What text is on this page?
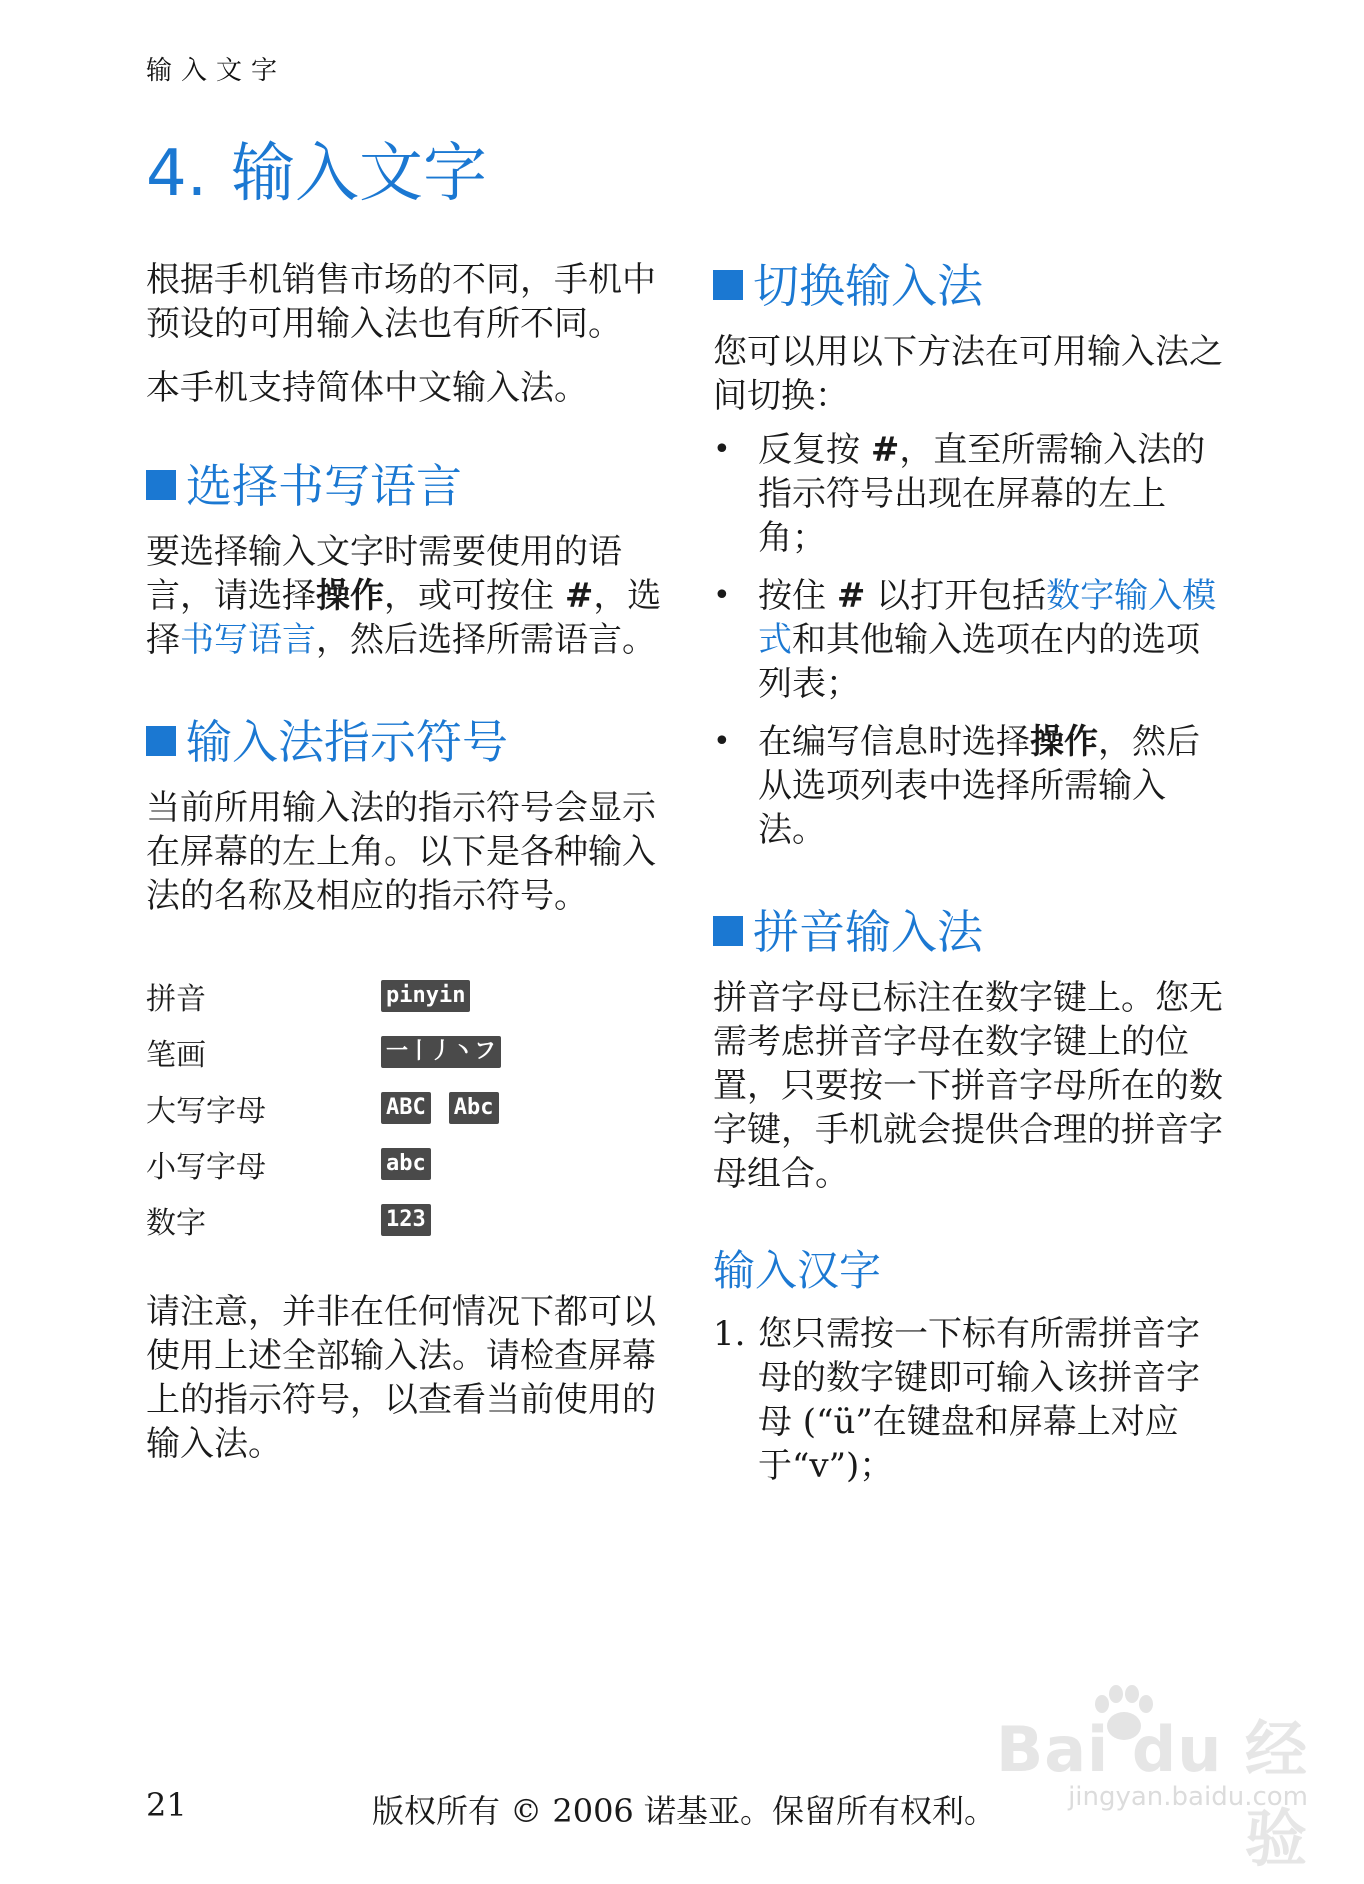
输入文字
4. 输入文字

根据手机销售市场的不同，手机中预设的可用输入法也有所不同。

本手机支持简体中文输入法。

选择书写语言

要选择输入文字时需要使用的语言，请选择操作，或可按住 #，选择书写语言，然后选择所需语言。

输入法指示符号

当前所用输入法的指示符号会显示在屏幕的左上角。以下是各种输入法的名称及相应的指示符号。

拼音	pinyin
笔画	一丨丿丶フ
大写字母	ABC Abc
小写字母	abc
数字	123

请注意，并非在任何情况下都可以使用上述全部输入法。请检查屏幕上的指示符号，以查看当前使用的输入法。

切换输入法

您可以用以下方法在可用输入法之间切换：

• 反复按 #，直至所需输入法的指示符号出现在屏幕的左上角；
• 按住 # 以打开包括数字输入模式和其他输入选项在内的选项列表；
• 在编写信息时选择操作，然后从选项列表中选择所需输入法。
拼音输入法

拼音字母已标注在数字键上。您无需考虑拼音字母在数字键上的位置，只要按一下拼音字母所在的数字键，手机就会提供合理的拼音字母组合。

输入汉字
1. 您只需按一下标有所需拼音字母的数字键即可输入该拼音字母 (“ü”在键盘和屏幕上对应于“v”)；
Bai du 经验
jingyan.baidu.com
21	版权所有 © 2006 诺基亚。保留所有权利。
